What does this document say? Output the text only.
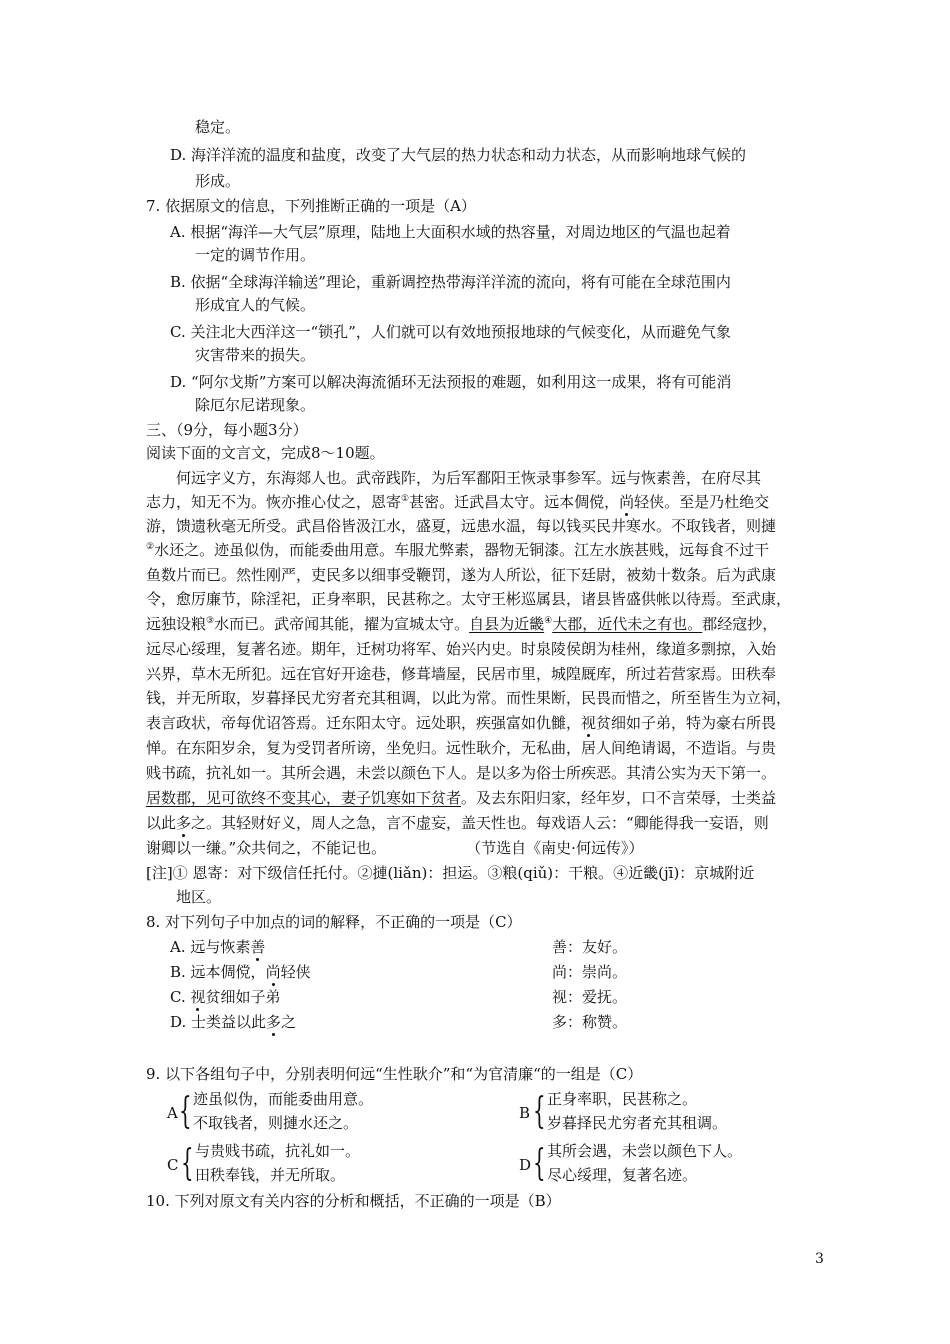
稳定。
D. 海洋洋流的温度和盐度，改变了大气层的热力状态和动力状态，从而影响地球气候的
形成。
7. 依据原文的信息，下列推断正确的一项是（A）
A. 根据“海洋—大气层”原理，陆地上大面积水域的热容量，对周边地区的气温也起着
一定的调节作用。
B. 依据“全球海洋输送”理论，重新调控热带海洋洋流的流向，将有可能在全球范围内
形成宜人的气候。
C. 关注北大西洋这一“锁孔”，人们就可以有效地预报地球的气候变化，从而避免气象
灾害带来的损失。
D. “阿尔戈斯”方案可以解决海流循环无法预报的难题，如利用这一成果，将有可能消
除厄尔尼诺现象。
三、（9分，每小题3分）
阅读下面的文言文，完成8～10题。
何远字义方，东海郯人也。武帝践阼，为后军鄱阳王恢录事参军。远与恢素善，在府尽其
志力，知无不为。恢亦推心仗之，恩寄①甚密。迁武昌太守。远本倜傥，尚轻侠。至是乃杜绝交
游，馈遗秋毫无所受。武昌俗皆汲江水，盛夏，远患水温，每以钱买民井寒水。不取钱者，则摙
②水还之。迹虽似伪，而能委曲用意。车服尤弊素，器物无铜漆。江左水族甚贱，远每食不过干
鱼数片而已。然性刚严，吏民多以细事受鞭罚，遂为人所讼，征下廷尉，被劾十数条。后为武康
令，愈厉廉节，除淫祀，正身率职，民甚称之。太守王彬巡属县，诸县皆盛供帐以待焉。至武康，
远独设粮③水而已。武帝闻其能，擢为宣城太守。自县为近畿④大郡，近代未之有也。郡经寇抄，
远尽心绥理，复著名迹。期年，迁树功将军、始兴内史。时泉陵侯朗为桂州，缘道多剽掠，入始
兴界，草木无所犯。远在官好开途巷，修葺墙屋，民居市里，城隍厩库，所过若营家焉。田秩奉
钱，并无所取，岁暮择民尤穷者充其租调，以此为常。而性果断，民畏而惜之，所至皆生为立祠，
表言政状，帝每优诏答焉。迁东阳太守。远处职，疾强富如仇雠，视贫细如子弟，特为豪右所畏
惮。在东阳岁余，复为受罚者所谤，坐免归。远性耿介，无私曲，居人间绝请谒，不造诣。与贵
贱书疏，抗礼如一。其所会遇，未尝以颜色下人。是以多为俗士所疾恶。其清公实为天下第一。
居数郡，见可欲终不变其心，妻子饥寒如下贫者。及去东阳归家，经年岁，口不言荣辱，士类益
以此多之。其轻财好义，周人之急，言不虚妄，盖天性也。每戏语人云：“卿能得我一妄语，则
谢卿以一缣。”众共伺之，不能记也。	（节选自《南史·何远传》）
[注]① 恩寄：对下级信任托付。②摙(liǎn)：担运。③粮(qiǔ)：干粮。④近畿(jī)：京城附近
地区。
8. 对下列句子中加点的词的解释，不正确的一项是（C）
A. 远与恢素善	善：友好。
B. 远本倜傥，尚轻侠	尚：崇尚。
C. 视贫细如子弟	视：爱抚。
D. 士类益以此多之	多：称赞。
9. 以下各组句子中，分别表明何远“生性耿介”和“为官清廉“的一组是（C）
A { 迹虽似伪，而能委曲用意。
不取钱者，则摙水还之。
B { 正身率职，民甚称之。
岁暮择民尤穷者充其租调。
C { 与贵贱书疏，抗礼如一。
田秩奉钱，并无所取。
D { 其所会遇，未尝以颜色下人。
尽心绥理，复著名迹。
10. 下列对原文有关内容的分析和概括，不正确的一项是（B）
3
